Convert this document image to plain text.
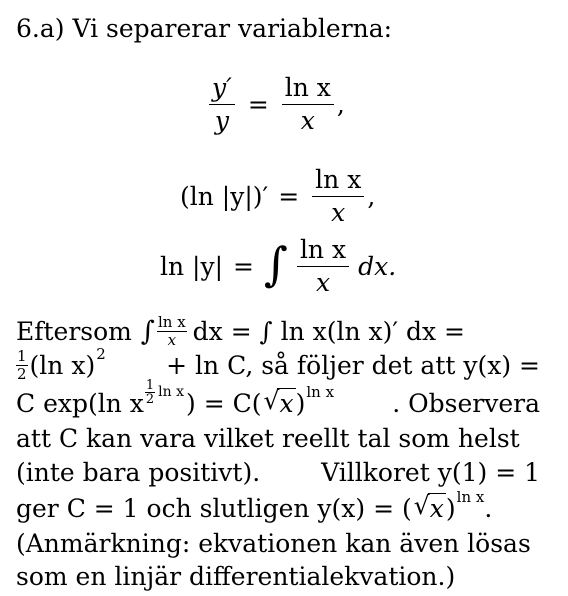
6.a) Vi separerar variablerna:
$\frac{y'}{y} = \frac{\text{ln x}}{x}$ ,
(ln $|y|)' = \frac{\text{ln x}}{x}$ ,
ln |y| = ∫ $\frac{\text{ln x}}{x}$ dx.
Eftersom ∫ $\frac{\text{ln x}}{x}$ dx = ∫ ln x(ln x)′ dx =
$\frac{1}{2} (\ln$ x) 2 + ln C, så följer det att y(x) =
C exp(ln x $\frac{1}{2}$ ln x ) = C( √ x ) ln x . Observera
att C kan vara vilket reellt tal som helst
(inte bara positivt). Villkoret y(1) = 1
ger C = 1 och slutligen y(x) = ( √ x ) ln x .
(Anmärkning: ekvationen kan även lösas
som en linjär differentialekvation.)
